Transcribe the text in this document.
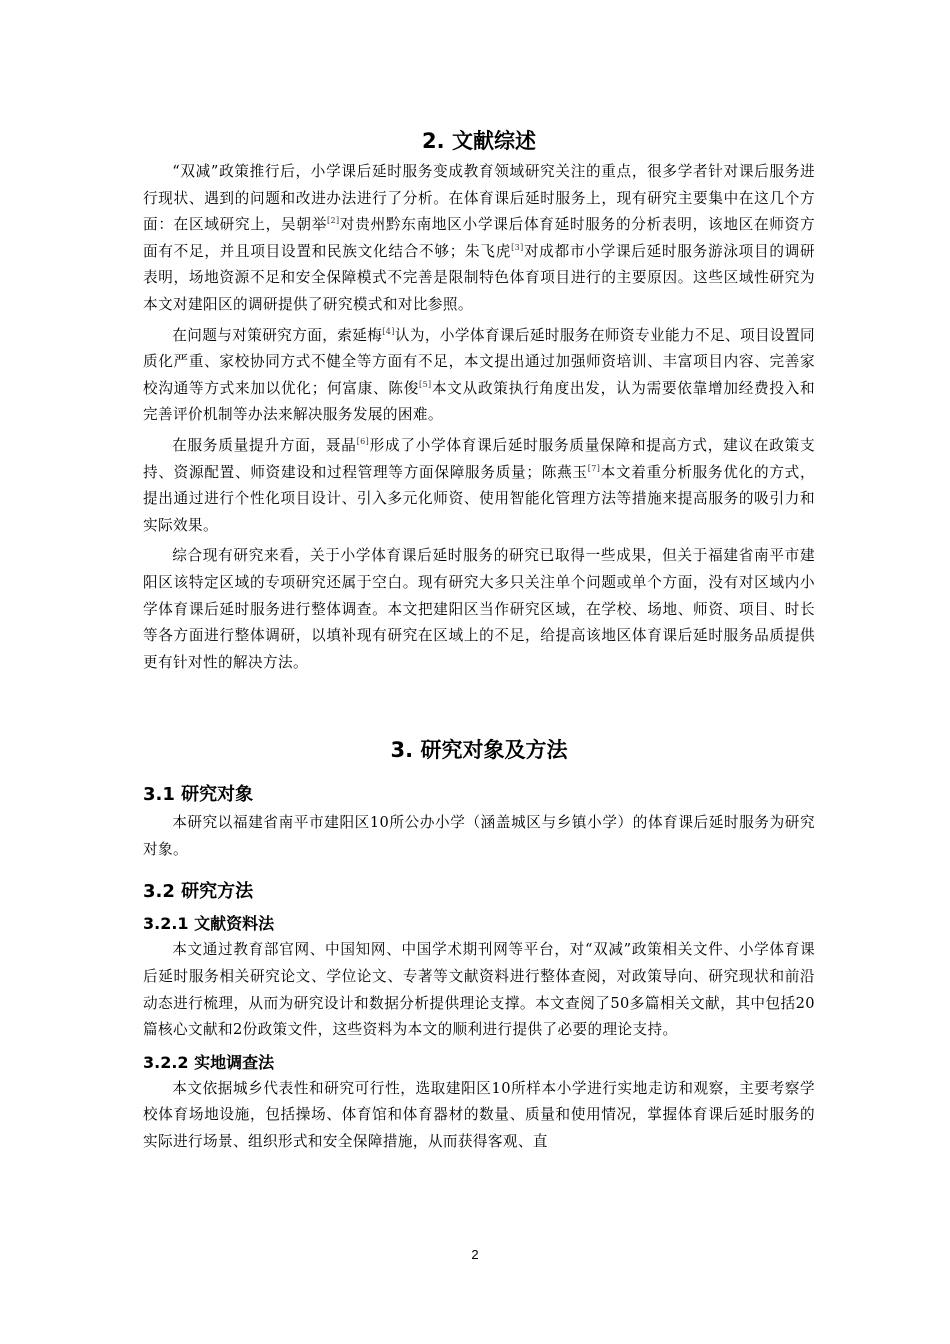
2. 文献综述

“双减”政策推行后，小学课后延时服务变成教育领域研究关注的重点，很多学者针对课后服务进行现状、遇到的问题和改进办法进行了分析。在体育课后延时服务上，现有研究主要集中在这几个方面：在区域研究上，吴朝举[2]对贵州黔东南地区小学课后体育延时服务的分析表明，该地区在师资方面有不足，并且项目设置和民族文化结合不够；朱飞虎[3]对成都市小学课后延时服务游泳项目的调研表明，场地资源不足和安全保障模式不完善是限制特色体育项目进行的主要原因。这些区域性研究为本文对建阳区的调研提供了研究模式和对比参照。

在问题与对策研究方面，索延梅[4]认为，小学体育课后延时服务在师资专业能力不足、项目设置同质化严重、家校协同方式不健全等方面有不足，本文提出通过加强师资培训、丰富项目内容、完善家校沟通等方式来加以优化；何富康、陈俊[5]本文从政策执行角度出发，认为需要依靠增加经费投入和完善评价机制等办法来解决服务发展的困难。

在服务质量提升方面，聂晶[6]形成了小学体育课后延时服务质量保障和提高方式，建议在政策支持、资源配置、师资建设和过程管理等方面保障服务质量；陈燕玉[7]本文着重分析服务优化的方式，提出通过进行个性化项目设计、引入多元化师资、使用智能化管理方法等措施来提高服务的吸引力和实际效果。

综合现有研究来看，关于小学体育课后延时服务的研究已取得一些成果，但关于福建省南平市建阳区该特定区域的专项研究还属于空白。现有研究大多只关注单个问题或单个方面，没有对区域内小学体育课后延时服务进行整体调查。本文把建阳区当作研究区域，在学校、场地、师资、项目、时长等各方面进行整体调研，以填补现有研究在区域上的不足，给提高该地区体育课后延时服务品质提供更有针对性的解决方法。

3. 研究对象及方法
3.1 研究对象

本研究以福建省南平市建阳区10所公办小学（涵盖城区与乡镇小学）的体育课后延时服务为研究对象。

3.2 研究方法
3.2.1 文献资料法

本文通过教育部官网、中国知网、中国学术期刊网等平台，对“双减”政策相关文件、小学体育课后延时服务相关研究论文、学位论文、专著等文献资料进行整体查阅，对政策导向、研究现状和前沿动态进行梳理，从而为研究设计和数据分析提供理论支撑。本文查阅了50多篇相关文献，其中包括20篇核心文献和2份政策文件，这些资料为本文的顺利进行提供了必要的理论支持。

3.2.2 实地调查法

本文依据城乡代表性和研究可行性，选取建阳区10所样本小学进行实地走访和观察，主要考察学校体育场地设施，包括操场、体育馆和体育器材的数量、质量和使用情况，掌握体育课后延时服务的实际进行场景、组织形式和安全保障措施，从而获得客观、直

2
